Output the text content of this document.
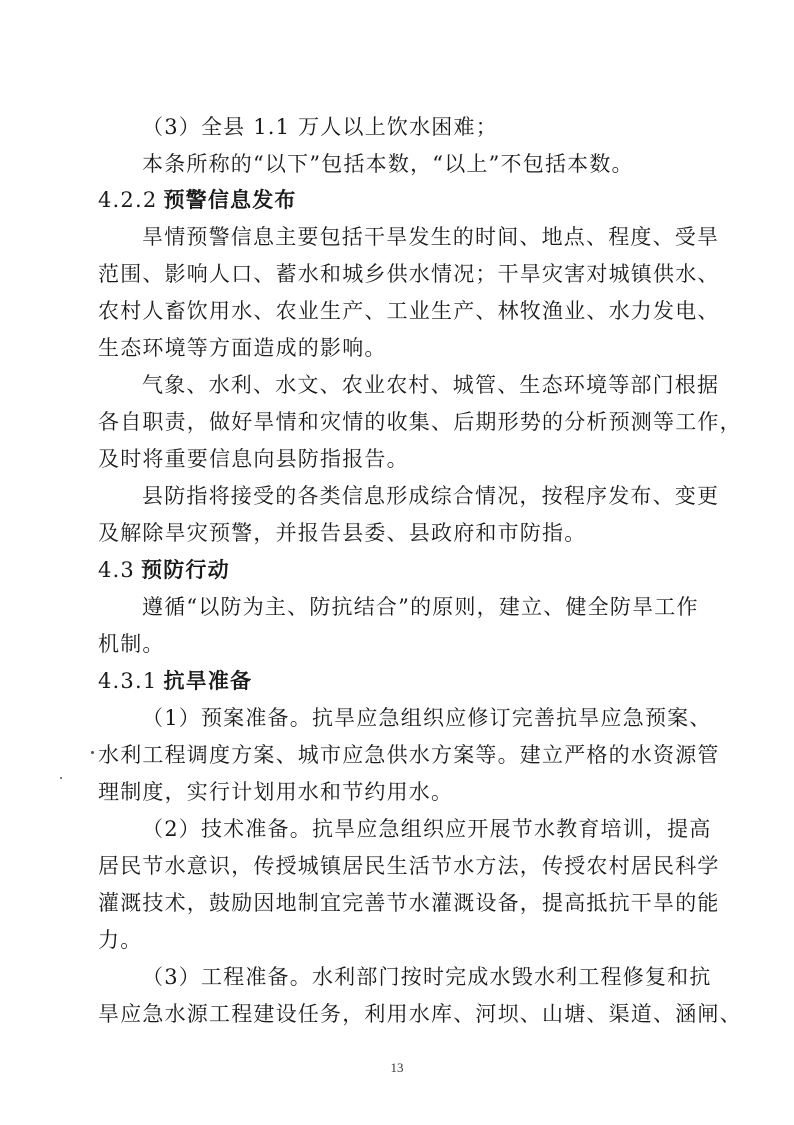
（3）全县 1.1 万人以上饮水困难；
本条所称的“以下”包括本数，“以上”不包括本数。
4.2.2 预警信息发布
旱情预警信息主要包括干旱发生的时间、地点、程度、受旱
范围、影响人口、蓄水和城乡供水情况；干旱灾害对城镇供水、
农村人畜饮用水、农业生产、工业生产、林牧渔业、水力发电、
生态环境等方面造成的影响。
气象、水利、水文、农业农村、城管、生态环境等部门根据
各自职责，做好旱情和灾情的收集、后期形势的分析预测等工作，
及时将重要信息向县防指报告。
县防指将接受的各类信息形成综合情况，按程序发布、变更
及解除旱灾预警，并报告县委、县政府和市防指。
4.3 预防行动
遵循“以防为主、防抗结合”的原则，建立、健全防旱工作
机制。
4.3.1 抗旱准备
（1）预案准备。抗旱应急组织应修订完善抗旱应急预案、
水利工程调度方案、城市应急供水方案等。建立严格的水资源管
理制度，实行计划用水和节约用水。
（2）技术准备。抗旱应急组织应开展节水教育培训，提高
居民节水意识，传授城镇居民生活节水方法，传授农村居民科学
灌溉技术，鼓励因地制宜完善节水灌溉设备，提高抵抗干旱的能
力。
（3）工程准备。水利部门按时完成水毁水利工程修复和抗
旱应急水源工程建设任务，利用水库、河坝、山塘、渠道、涵闸、
13
